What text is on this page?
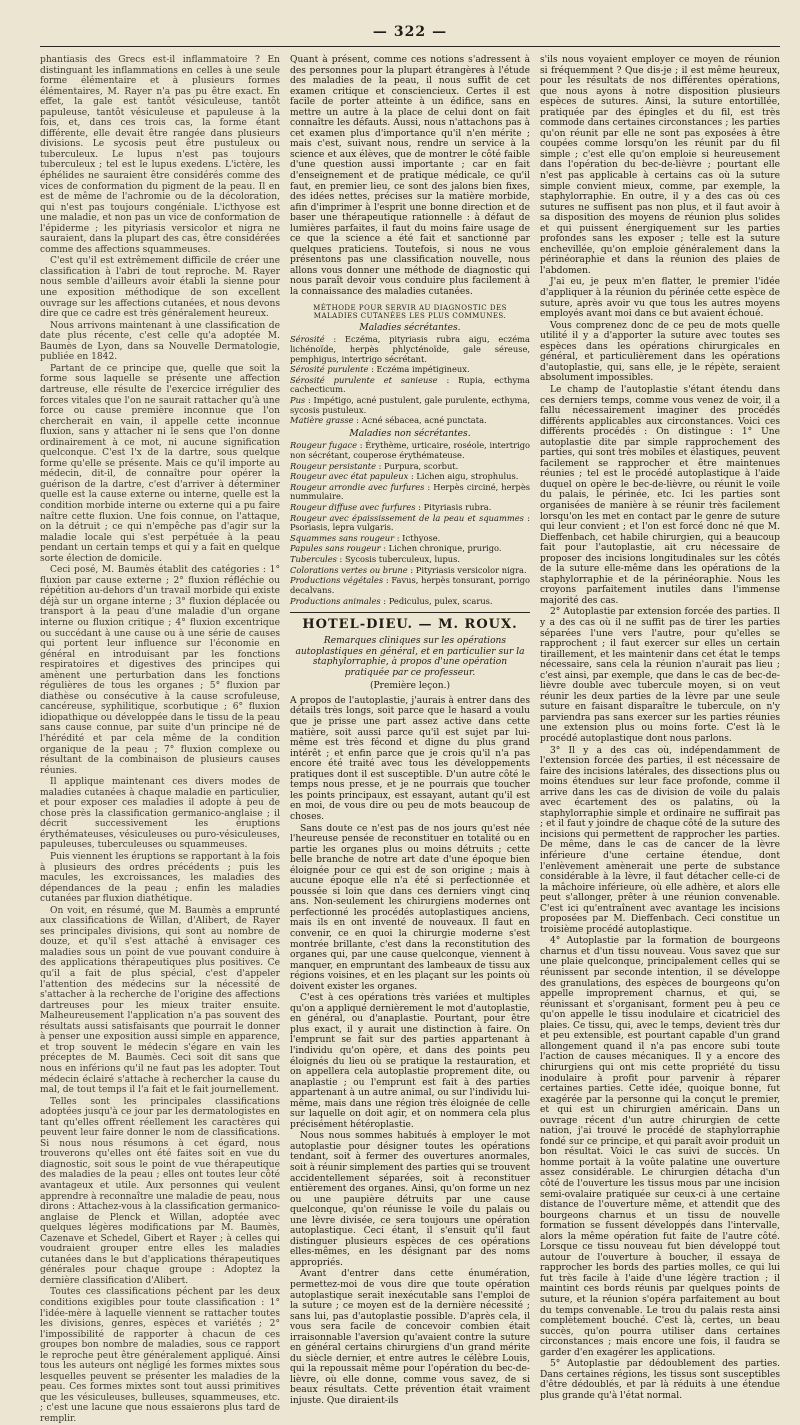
— 322 —

phantiasis des Grecs est-il inflammatoire ? En distinguant les inflammations en celles à une seule forme élémentaire et à plusieurs formes élémentaires, M. Rayer n'a pas pu être exact. En effet, la gale est tantôt vésiculeuse, tantôt papuleuse, tantôt vésiculeuse et papuleuse à la fois, et, dans ces trois cas, la forme étant différente, elle devait être rangée dans plusieurs divisions. Le sycosis peut être pustuleux ou tuberculeux. Le lupus n'est pas toujours tuberculeux ; tel est le lupus exedens. L'ictère, les éphélides ne sauraient être considérés comme des vices de conformation du pigment de la peau. Il en est de même de l'achromie ou de la décoloration, qui n'est pas toujours congéniale. L'icthyose est une maladie, et non pas un vice de conformation de l'épiderme ; les pityriasis versicolor et nigra ne sauraient, dans la plupart des cas, être considérées comme des affections squammeuses.

C'est qu'il est extrêmement difficile de créer une classification à l'abri de tout reproche. M. Rayer nous semble d'ailleurs avoir établi la sienne pour une exposition méthodique de son excellent ouvrage sur les affections cutanées, et nous devons dire que ce cadre est très généralement heureux.

Nous arrivons maintenant à une classification de date plus récente, c'est celle qu'a adoptée M. Baumès de Lyon, dans sa Nouvelle Dermatologie, publiée en 1842.

Partant de ce principe que, quelle que soit la forme sous laquelle se présente une affection dartreuse, elle résulte de l'exercice irrégulier des forces vitales que l'on ne saurait rattacher qu'à une force ou cause première inconnue que l'on chercherait en vain, il appelle cette inconnue fluxion, sans y attacher ni le sens que l'on donne ordinairement à ce mot, ni aucune signification quelconque. C'est l'x de la dartre, sous quelque forme qu'elle se présente. Mais ce qu'il importe au médecin, dit-il, de connaître pour opérer la guérison de la dartre, c'est d'arriver à déterminer quelle est la cause externe ou interne, quelle est la condition morbide interne ou externe qui a pu faire naître cette fluxion. Une fois connue, on l'attaque, on la détruit ; ce qui n'empêche pas d'agir sur la maladie locale qui s'est perpétuée à la peau pendant un certain temps et qui y a fait en quelque sorte élection de domicile.

Ceci posé, M. Baumès établit des catégories : 1° fluxion par cause externe ; 2° fluxion réfléchie ou répétition au-dehors d'un travail morbide qui existe déjà sur un organe interne ; 3° fluxion déplacée ou transport à la peau d'une maladie d'un organe interne ou fluxion critique ; 4° fluxion excentrique ou succédant à une cause ou à une série de causes qui portent leur influence sur l'économie en général en introduisant par les fonctions respiratoires et digestives des principes qui amènent une perturbation dans les fonctions régulières de tous les organes ; 5° fluxion par diathèse ou consécutive à la cause scrofuleuse, cancéreuse, syphilitique, scorbutique ; 6° fluxion idiopathique ou développée dans le tissu de la peau sans cause connue, par suite d'un principe né de l'hérédité et par cela même de la condition organique de la peau ; 7° fluxion complexe ou résultant de la combinaison de plusieurs causes réunies.

Il applique maintenant ces divers modes de maladies cutanées à chaque maladie en particulier, et pour exposer ces maladies il adopte à peu de chose près la classification germanico-anglaise ; il décrit successivement les éruptions érythémateuses, vésiculeuses ou puro-vésiculeuses, papuleuses, tuberculeuses ou squammeuses.

Puis viennent les éruptions se rapportant à la fois à plusieurs des ordres précédents ; puis les macules, les excroissances, les maladies des dépendances de la peau ; enfin les maladies cutanées par fluxion diathétique.

On voit, en résumé, que M. Baumès a emprunté aux classifications de Willan, d'Alibert, de Rayer ses principales divisions, qui sont au nombre de douze, et qu'il s'est attaché à envisager ces maladies sous un point de vue pouvant conduire à des applications thérapeutiques plus positives. Ce qu'il a fait de plus spécial, c'est d'appeler l'attention des médecins sur la nécessité de s'attacher à la recherche de l'origine des affections dartreuses pour les mieux traiter ensuite. Malheureusement l'application n'a pas souvent des résultats aussi satisfaisants que pourrait le donner à penser une exposition aussi simple en apparence, et trop souvent le médecin s'égare en vain les préceptes de M. Baumès. Ceci soit dit sans que nous en inférions qu'il ne faut pas les adopter. Tout médecin éclairé s'attache à rechercher la cause du mal, de tout temps il l'a fait et le fait journellement.

Telles sont les principales classifications adoptées jusqu'à ce jour par les dermatologistes en tant qu'elles offrent réellement les caractères qui peuvent leur faire donner le nom de classifications. Si nous nous résumons à cet égard, nous trouverons qu'elles ont été faites soit en vue du diagnostic, soit sous le point de vue thérapeutique des maladies de la peau ; elles ont toutes leur côté avantageux et utile. Aux personnes qui veulent apprendre à reconnaître une maladie de peau, nous dirons : Attachez-vous à la classification germanico-anglaise de Plenck et Willan, adoptée avec quelques légères modifications par M. Baumès, Cazenave et Schedel, Gibert et Rayer ; à celles qui voudraient grouper entre elles les maladies cutanées dans le but d'applications thérapeutiques générales pour chaque groupe : Adoptez la dernière classification d'Alibert.

Toutes ces classifications péchent par les deux conditions exigibles pour toute classification : 1° l'idée-mère à laquelle viennent se rattacher toutes les divisions, genres, espèces et variétés ; 2° l'impossibilité de rapporter à chacun de ces groupes bon nombre de maladies, sous ce rapport le reproche peut être généralement appliqué. Ainsi tous les auteurs ont négligé les formes mixtes sous lesquelles peuvent se présenter les maladies de la peau. Ces formes mixtes sont tout aussi primitives que les vésiculeuses, bulleuses, squammeuses, etc. ; c'est une lacune que nous essaierons plus tard de remplir.

Quant à présent, comme ces notions s'adressent à des personnes pour la plupart étrangères à l'étude des maladies de la peau, il nous suffit de cet examen critique et consciencieux. Certes il est facile de porter atteinte à un édifice, sans en mettre un autre à la place de celui dont on fait connaître les défauts. Aussi, nous n'attachons pas à cet examen plus d'importance qu'il n'en mérite ; mais c'est, suivant nous, rendre un service à la science et aux élèves, que de montrer le côté faible d'une question aussi importante ; car en fait d'enseignement et de pratique médicale, ce qu'il faut, en premier lieu, ce sont des jalons bien fixes, des idées nettes, précises sur la matière morbide, afin d'imprimer à l'esprit une bonne direction et de baser une thérapeutique rationnelle : à défaut de lumières parfaites, il faut du moins faire usage de ce que la science a été fait et sanctionné par quelques praticiens. Toutefois, si nous ne vous présentons pas une classification nouvelle, nous allons vous donner une méthode de diagnostic qui nous paraît devoir vous conduire plus facilement à la connaissance des maladies cutanées.

MÉTHODE POUR SERVIR AU DIAGNOSTIC DES MALADIES CUTANÉES LES PLUS COMMUNES.
Maladies sécrétantes.

Sérosité : Eczéma, pityriasis rubra aigu, eczéma lichénoïde, herpès phlycténoïde, gale séreuse, pemphigus, intertrigo sécrétant.

Sérosité purulente : Eczéma impétigineux.

Sérosité purulente et sanieuse : Rupia, ecthyma cachecticum.

Pus : Impétigo, acné pustulent, gale purulente, ecthyma, sycosis pustuleux.

Matière grasse : Acné sébacea, acné punctata.

Maladies non sécrétantes.

Rougeur fugace : Érythème, urticaire, roséole, intertrigo non sécrétant, couperose érythémateuse.

Rougeur persistante : Purpura, scorbut.

Rougeur avec état papuleux : Lichen aigu, strophulus.

Rougeur arrondie avec furfures : Herpès circiné, herpès nummulaire.

Rougeur diffuse avec furfures : Pityriasis rubra.

Rougeur avec épaississement de la peau et squammes : Psoriasis, lepra vulgaris.

Squammes sans rougeur : Icthyose.

Papules sans rougeur : Lichen chronique, prurigo.

Tubercules : Sycosis tuberculeux, lupus.

Colorations vertes ou brune : Pityriasis versicolor nigra.

Productions végétales : Favus, herpès tonsurant, porrigo decalvans.

Productions animales : Pediculus, pulex, scarus.

HOTEL-DIEU. — M. ROUX.

Remarques cliniques sur les opérations autoplastiques en général, et en particulier sur la staphylorraphie, à propos d'une opération pratiquée par ce professeur.

(Première leçon.)

A propos de l'autoplastie, j'aurais à entrer dans des détails très longs, soit parce que le hasard a voulu que je prisse une part assez active dans cette matière, soit aussi parce qu'il est sujet par lui-même est très fécond et digne du plus grand intérêt ; et enfin parce que je crois qu'il n'a pas encore été traité avec tous les développements pratiques dont il est susceptible. D'un autre côté le temps nous presse, et je ne pourrais que toucher les points principaux, est essayant, autant qu'il est en moi, de vous dire ou peu de mots beaucoup de choses.

Sans doute ce n'est pas de nos jours qu'est née l'heureuse pensée de reconstituer en totalité ou en partie les organes plus ou moins détruits ; cette belle branche de notre art date d'une époque bien éloignée pour ce qui est de son origine ; mais à aucune époque elle n'a été si perfectionnée et poussée si loin que dans ces derniers vingt cinq ans. Non-seulement les chirurgiens modernes ont perfectionné les procédés autoplastiques anciens, mais ils en ont inventé de nouveaux. Il faut en convenir, ce en quoi la chirurgie moderne s'est montrée brillante, c'est dans la reconstitution des organes qui, par une cause quelconque, viennent à manquer, en empruntant des lambeaux de tissu aux régions voisines, et en les plaçant sur les points où doivent exister les organes.

C'est à ces opérations très variées et multiples qu'on a appliqué dernièrement le mot d'autoplastie, en général, ou d'anaplastie. Pourtant, pour être plus exact, il y aurait une distinction à faire. On l'emprunt se fait sur des parties appartenant à l'individu qu'on opère, et dans des points peu éloignés du lieu où se pratique la restauration, et on appellera cela autoplastie proprement dite, ou anaplastie ; ou l'emprunt est fait à des parties appartenant à un autre animal, ou sur l'individu lui-même, mais dans une région très éloignée de celle sur laquelle on doit agir, et on nommera cela plus précisément hétéroplastie.

Nous nous sommes habitués à employer le mot autoplastie pour désigner toutes les opérations tendant, soit à fermer des ouvertures anormales, soit à réunir simplement des parties qui se trouvent accidentellement séparées, soit à reconstituer entièrement des organes. Ainsi, qu'on forme un nez ou une paupière détruits par une cause quelconque, qu'on réunisse le voile du palais ou une lèvre divisée, ce sera toujours une opération autoplastique. Ceci étant, il s'ensuit qu'il faut distinguer plusieurs espèces de ces opérations elles-mêmes, en les désignant par des noms appropriés.

Avant d'entrer dans cette énumération, permettez-moi de vous dire que toute opération autoplastique serait inexécutable sans l'emploi de la suture ; ce moyen est de la dernière nécessité ; sans lui, pas d'autoplastie possible. D'après cela, il vous sera facile de concevoir combien était irraisonnable l'aversion qu'avaient contre la suture en général certains chirurgiens d'un grand mérite du siècle dernier, et entre autres le célèbre Louis, qui la repoussait même pour l'opération du bec-de-lièvre, où elle donne, comme vous savez, de si beaux résultats. Cette prévention était vraiment injuste. Que diraient-ils

s'ils nous voyaient employer ce moyen de réunion si fréquemment ? Que dis-je ; il est même heureux, pour les résultats de nos différentes opérations, que nous ayons à notre disposition plusieurs espèces de sutures. Ainsi, la suture entortillée, pratiquée par des épingles et du fil, est très commode dans certaines circonstances ; les parties qu'on réunit par elle ne sont pas exposées à être coupées comme lorsqu'on les réunit par du fil simple ; c'est elle qu'on emploie si heureusement dans l'opération du bec-de-lièvre ; pourtant elle n'est pas applicable à certains cas où la suture simple convient mieux, comme, par exemple, la staphylorraphie. En outre, il y a des cas où ces sutures ne suffisent pas non plus, et il faut avoir à sa disposition des moyens de réunion plus solides et qui puissent énergiquement sur les parties profondes sans les exposer ; telle est la suture enchevillée, qu'on emploie généralement dans la périnéoraphie et dans la réunion des plaies de l'abdomen.

J'ai eu, je peux m'en flatter, le premier l'idée d'appliquer à la réunion du périnée cette espèce de suture, après avoir vu que tous les autres moyens employés avant moi dans ce but avaient échoué.

Vous comprenez donc de ce peu de mots quelle utilité il y a d'apporter la suture avec toutes ses espèces dans les opérations chirurgicales en général, et particulièrement dans les opérations d'autoplastie, qui, sans elle, je le répète, seraient absolument impossibles.

Le champ de l'autoplastie s'étant étendu dans ces derniers temps, comme vous venez de voir, il a fallu nécessairement imaginer des procédés différents applicables aux circonstances. Voici ces différents procédés : On distingue : 1° Une autoplastie dite par simple rapprochement des parties, qui sont très mobiles et élastiques, peuvent facilement se rapprocher et être maintenues réunies ; tel est le procédé autoplastique à l'aide duquel on opère le bec-de-lièvre, ou réunit le voile du palais, le périnée, etc. Ici les parties sont organisées de manière à se réunir très facilement lorsqu'on les met en contact par le genre de suture qui leur convient ; et l'on est forcé donc né que M. Dieffenbach, cet habile chirurgien, qui a beaucoup fait pour l'autoplastie, ait cru nécessaire de proposer des incisions longitudinales sur les côtés de la suture elle-même dans les opérations de la staphylorraphie et de la périnéoraphie. Nous les croyons parfaitement inutiles dans l'immense majorité des cas.

2° Autoplastie par extension forcée des parties. Il y a des cas où il ne suffit pas de tirer les parties séparées l'une vers l'autre, pour qu'elles se rapprochent ; il faut exercer sur elles un certain tiraillement, et les maintenir dans cet état le temps nécessaire, sans cela la réunion n'aurait pas lieu ; c'est ainsi, par exemple, que dans le cas de bec-de-lièvre double avec tubercule moyen, si on veut réunir les deux parties de la lèvre par une seule suture en faisant disparaître le tubercule, on n'y parviendra pas sans exercer sur les parties réunies une extension plus ou moins forte. C'est là le procédé autoplastique dont nous parlons.

3° Il y a des cas où, indépendamment de l'extension forcée des parties, il est nécessaire de faire des incisions latérales, des dissections plus ou moins étendues sur leur face profonde, comme il arrive dans les cas de division de voile du palais avec écartement des os palatins, où la staphylorraphie simple et ordinaire ne suffirait pas ; et il faut y joindre de chaque côté de la suture des incisions qui permettent de rapprocher les parties. De même, dans le cas de cancer de la lèvre inférieure d'une certaine étendue, dont l'enlèvement amènerait une perte de substance considérable à la lèvre, il faut détacher celle-ci de la mâchoire inférieure, où elle adhère, et alors elle peut s'allonger, prêter à une réunion convenable. C'est ici qu'entraînent avec avantage les incisions proposées par M. Dieffenbach. Ceci constitue un troisième procédé autoplastique.

4° Autoplastie par la formation de bourgeons charnus et d'un tissu nouveau. Vous savez que sur une plaie quelconque, principalement celles qui se réunissent par seconde intention, il se développe des granulations, des espèces de bourgeons qu'on appelle improprement charnus, et qui, se réunissant et s'organisant, forment peu à peu ce qu'on appelle le tissu inodulaire et cicatriciel des plaies. Ce tissu, qui, avec le temps, devient très dur et peu extensible, est pourtant capable d'un grand allongement quand il n'a pas encore subi toute l'action de causes mécaniques. Il y a encore des chirurgiens qui ont mis cette propriété du tissu inodulaire à profit pour parvenir à réparer certaines parties. Cette idée, quoique bonne, fut exagérée par la personne qui la conçut le premier, et qui est un chirurgien américain. Dans un ouvrage récent d'un autre chirurgien de cette nation, j'ai trouvé le procédé de staphylorraphie fondé sur ce principe, et qui paraît avoir produit un bon résultat. Voici le cas suivi de succès. Un homme portait à la voûte palatine une ouverture assez considérable. Le chirurgien détacha d'un côté de l'ouverture les tissus mous par une incision semi-ovalaire pratiquée sur ceux-ci à une certaine distance de l'ouverture même, et attendit que des bourgeons charnus et un tissu de nouvelle formation se fussent développés dans l'intervalle, alors la même opération fut faite de l'autre côté. Lorsque ce tissu nouveau fut bien développé tout autour de l'ouverture à boucher, il essaya de rapprocher les bords des parties molles, ce qui lui fut très facile à l'aide d'une légère traction ; il maintint ces bords réunis par quelques points de suture, et la réunion s'opéra parfaitement au bout du temps convenable. Le trou du palais resta ainsi complètement bouché. C'est là, certes, un beau succès, qu'on pourra utiliser dans certaines circonstances ; mais encore une fois, il faudra se garder d'en exagérer les applications.

5° Autoplastie par dédoublement des parties. Dans certaines régions, les tissus sont susceptibles d'être dédoublés, et par là réduits à une étendue plus grande qu'à l'état normal.
